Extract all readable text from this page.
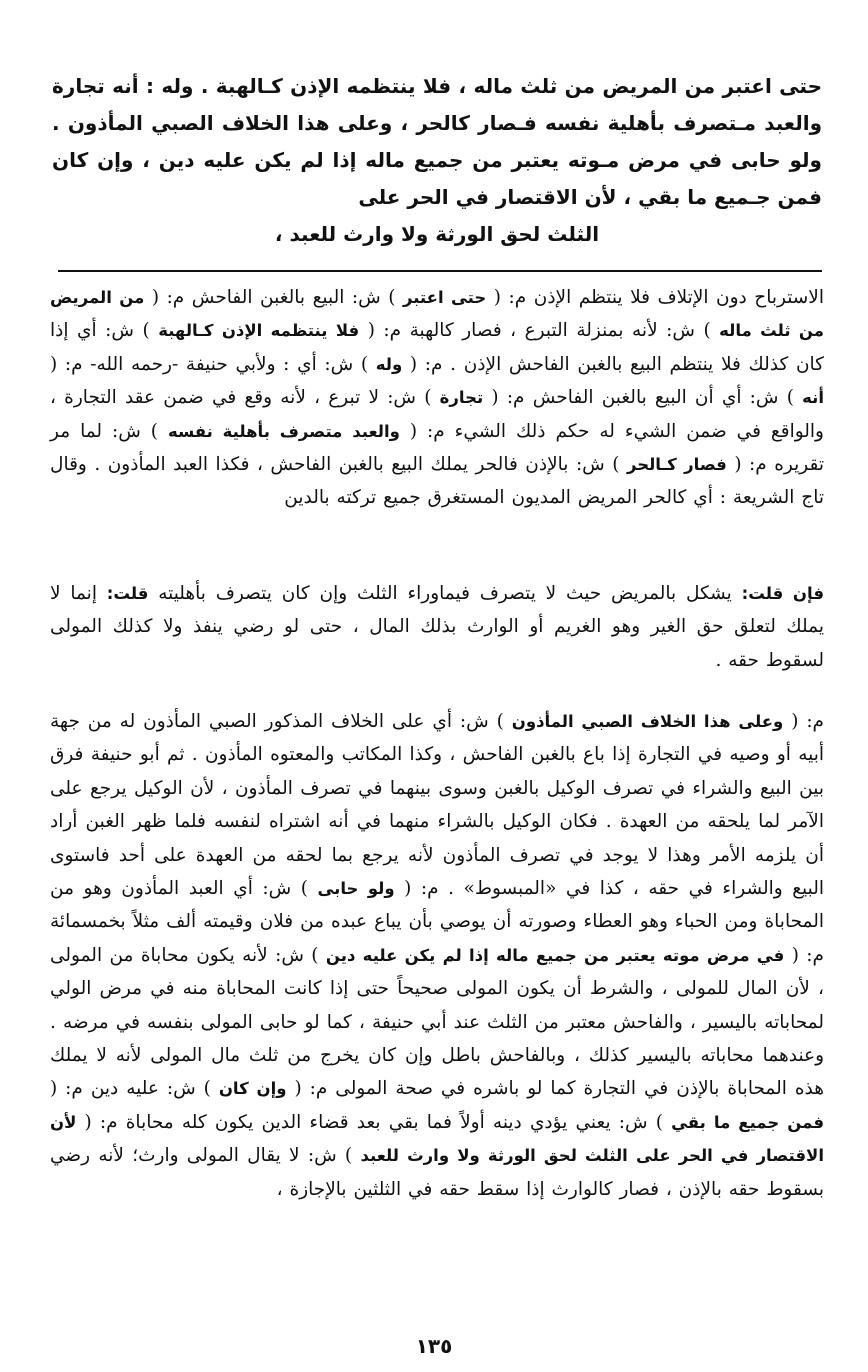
حتى اعتبر من المريض من ثلث ماله ، فلا ينتظمه الإذن كـالهبة . وله : أنه تجارة والعبد مـتصرف بأهلية نفسه فـصار كالحر ، وعلى هذا الخلاف الصبي المأذون . ولو حابى في مرض مـوته يعتبر من جميع ماله إذا لم يكن عليه دين ، وإن كان فمن جـميع ما بقي ، لأن الاقتصار في الحر على
الثلث لحق الورثة ولا وارث للعبد ،
الاسترباح دون الإتلاف فلا ينتظم الإذن م: ( حتى اعتبر ) ش: البيع بالغبن الفاحش م: ( من المريض من ثلث ماله ) ش: لأنه بمنزلة التبرع ، فصار كالهبة م: ( فلا ينتظمه الإذن كـالهبة ) ش: أي إذا كان كذلك فلا ينتظم البيع بالغبن الفاحش الإذن . م: ( وله ) ش: أي : ولأبي حنيفة -رحمه الله- م: ( أنه ) ش: أي أن البيع بالغبن الفاحش م: ( تجارة ) ش: لا تبرع ، لأنه وقع في ضمن عقد التجارة ، والواقع في ضمن الشيء له حكم ذلك الشيء م: ( والعبد متصرف بأهلية نفسه ) ش: لما مر تقريره م: ( فصار كـالحر ) ش: بالإذن فالحر يملك البيع بالغبن الفاحش ، فكذا العبد المأذون . وقال تاج الشريعة : أي كالحر المريض المديون المستغرق جميع تركته بالدين
فإن قلت: يشكل بالمريض حيث لا يتصرف فيماوراء الثلث وإن كان يتصرف بأهليته قلت: إنما لا يملك لتعلق حق الغير وهو الغريم أو الوارث بذلك المال ، حتى لو رضي ينفذ ولا كذلك المولى لسقوط حقه .
م: ( وعلى هذا الخلاف الصبي المأذون ) ش: أي على الخلاف المذكور الصبي المأذون له من جهة أبيه أو وصيه في التجارة إذا باع بالغبن الفاحش ، وكذا المكاتب والمعتوه المأذون . ثم أبو حنيفة فرق بين البيع والشراء في تصرف الوكيل بالغبن وسوى بينهما في تصرف المأذون ، لأن الوكيل يرجع على الآمر لما يلحقه من العهدة . فكان الوكيل بالشراء منهما في أنه اشتراه لنفسه فلما ظهر الغبن أراد أن يلزمه الأمر وهذا لا يوجد في تصرف المأذون لأنه يرجع بما لحقه من العهدة على أحد فاستوى البيع والشراء في حقه ، كذا في «المبسوط» . م: ( ولو حابى ) ش: أي العبد المأذون وهو من المحاباة ومن الحباء وهو العطاء وصورته أن يوصي بأن يباع عبده من فلان وقيمته ألف مثلاً بخمسمائة م: ( في مرض موته يعتبر من جميع ماله إذا لم يكن عليه دين ) ش: لأنه يكون محاباة من المولى ، لأن المال للمولى ، والشرط أن يكون المولى صحيحاً حتى إذا كانت المحاباة منه في مرض الولي لمحاباته باليسير ، والفاحش معتبر من الثلث عند أبي حنيفة ، كما لو حابى المولى بنفسه في مرضه . وعندهما محاباته باليسير كذلك ، وبالفاحش باطل وإن كان يخرج من ثلث مال المولى لأنه لا يملك هذه المحاباة بالإذن في التجارة كما لو باشره في صحة المولى م: ( وإن كان ) ش: عليه دين م: ( فمن جميع ما بقي ) ش: يعني يؤدي دينه أولاً فما بقي بعد قضاء الدين يكون كله محاباة م: ( لأن الاقتصار في الحر على الثلث لحق الورثة ولا وارث للعبد ) ش: لا يقال المولى وارث؛ لأنه رضي بسقوط حقه بالإذن ، فصار كالوارث إذا سقط حقه في الثلثين بالإجازة ،
١٣٥
